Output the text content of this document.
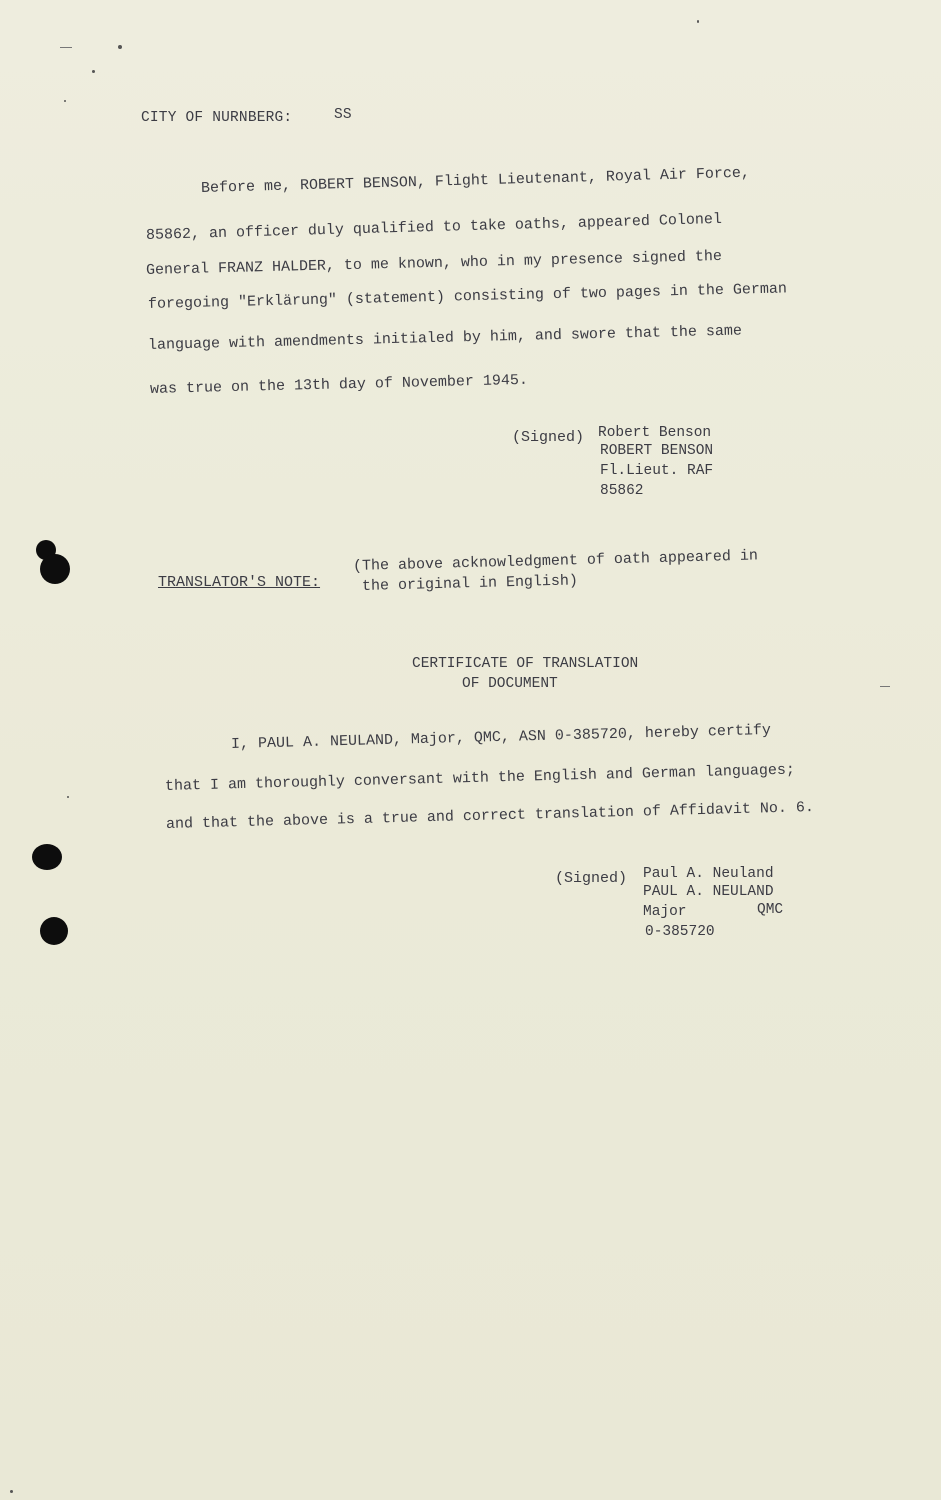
CITY OF NURNBERG:	SS
Before me, ROBERT BENSON, Flight Lieutenant, Royal Air Force,
85862, an officer duly qualified to take oaths, appeared Colonel
General FRANZ HALDER, to me known, who in my presence signed the
foregoing "Erklärung" (statement) consisting of two pages in the German
language with amendments initialed by him, and swore that the same
was true on the 13th day of November 1945.
(Signed) Robert Benson
ROBERT BENSON
Fl.Lieut. RAF
85862
TRANSLATOR'S NOTE:
(The above acknowledgment of oath appeared in
the original in English)
CERTIFICATE OF TRANSLATION
OF DOCUMENT
I, PAUL A. NEULAND, Major, QMC, ASN 0-385720, hereby certify
that I am thoroughly conversant with the English and German languages;
and that the above is a true and correct translation of Affidavit No. 6.
(Signed) Paul A. Neuland
PAUL A. NEULAND
Major	QMC
0-385720
